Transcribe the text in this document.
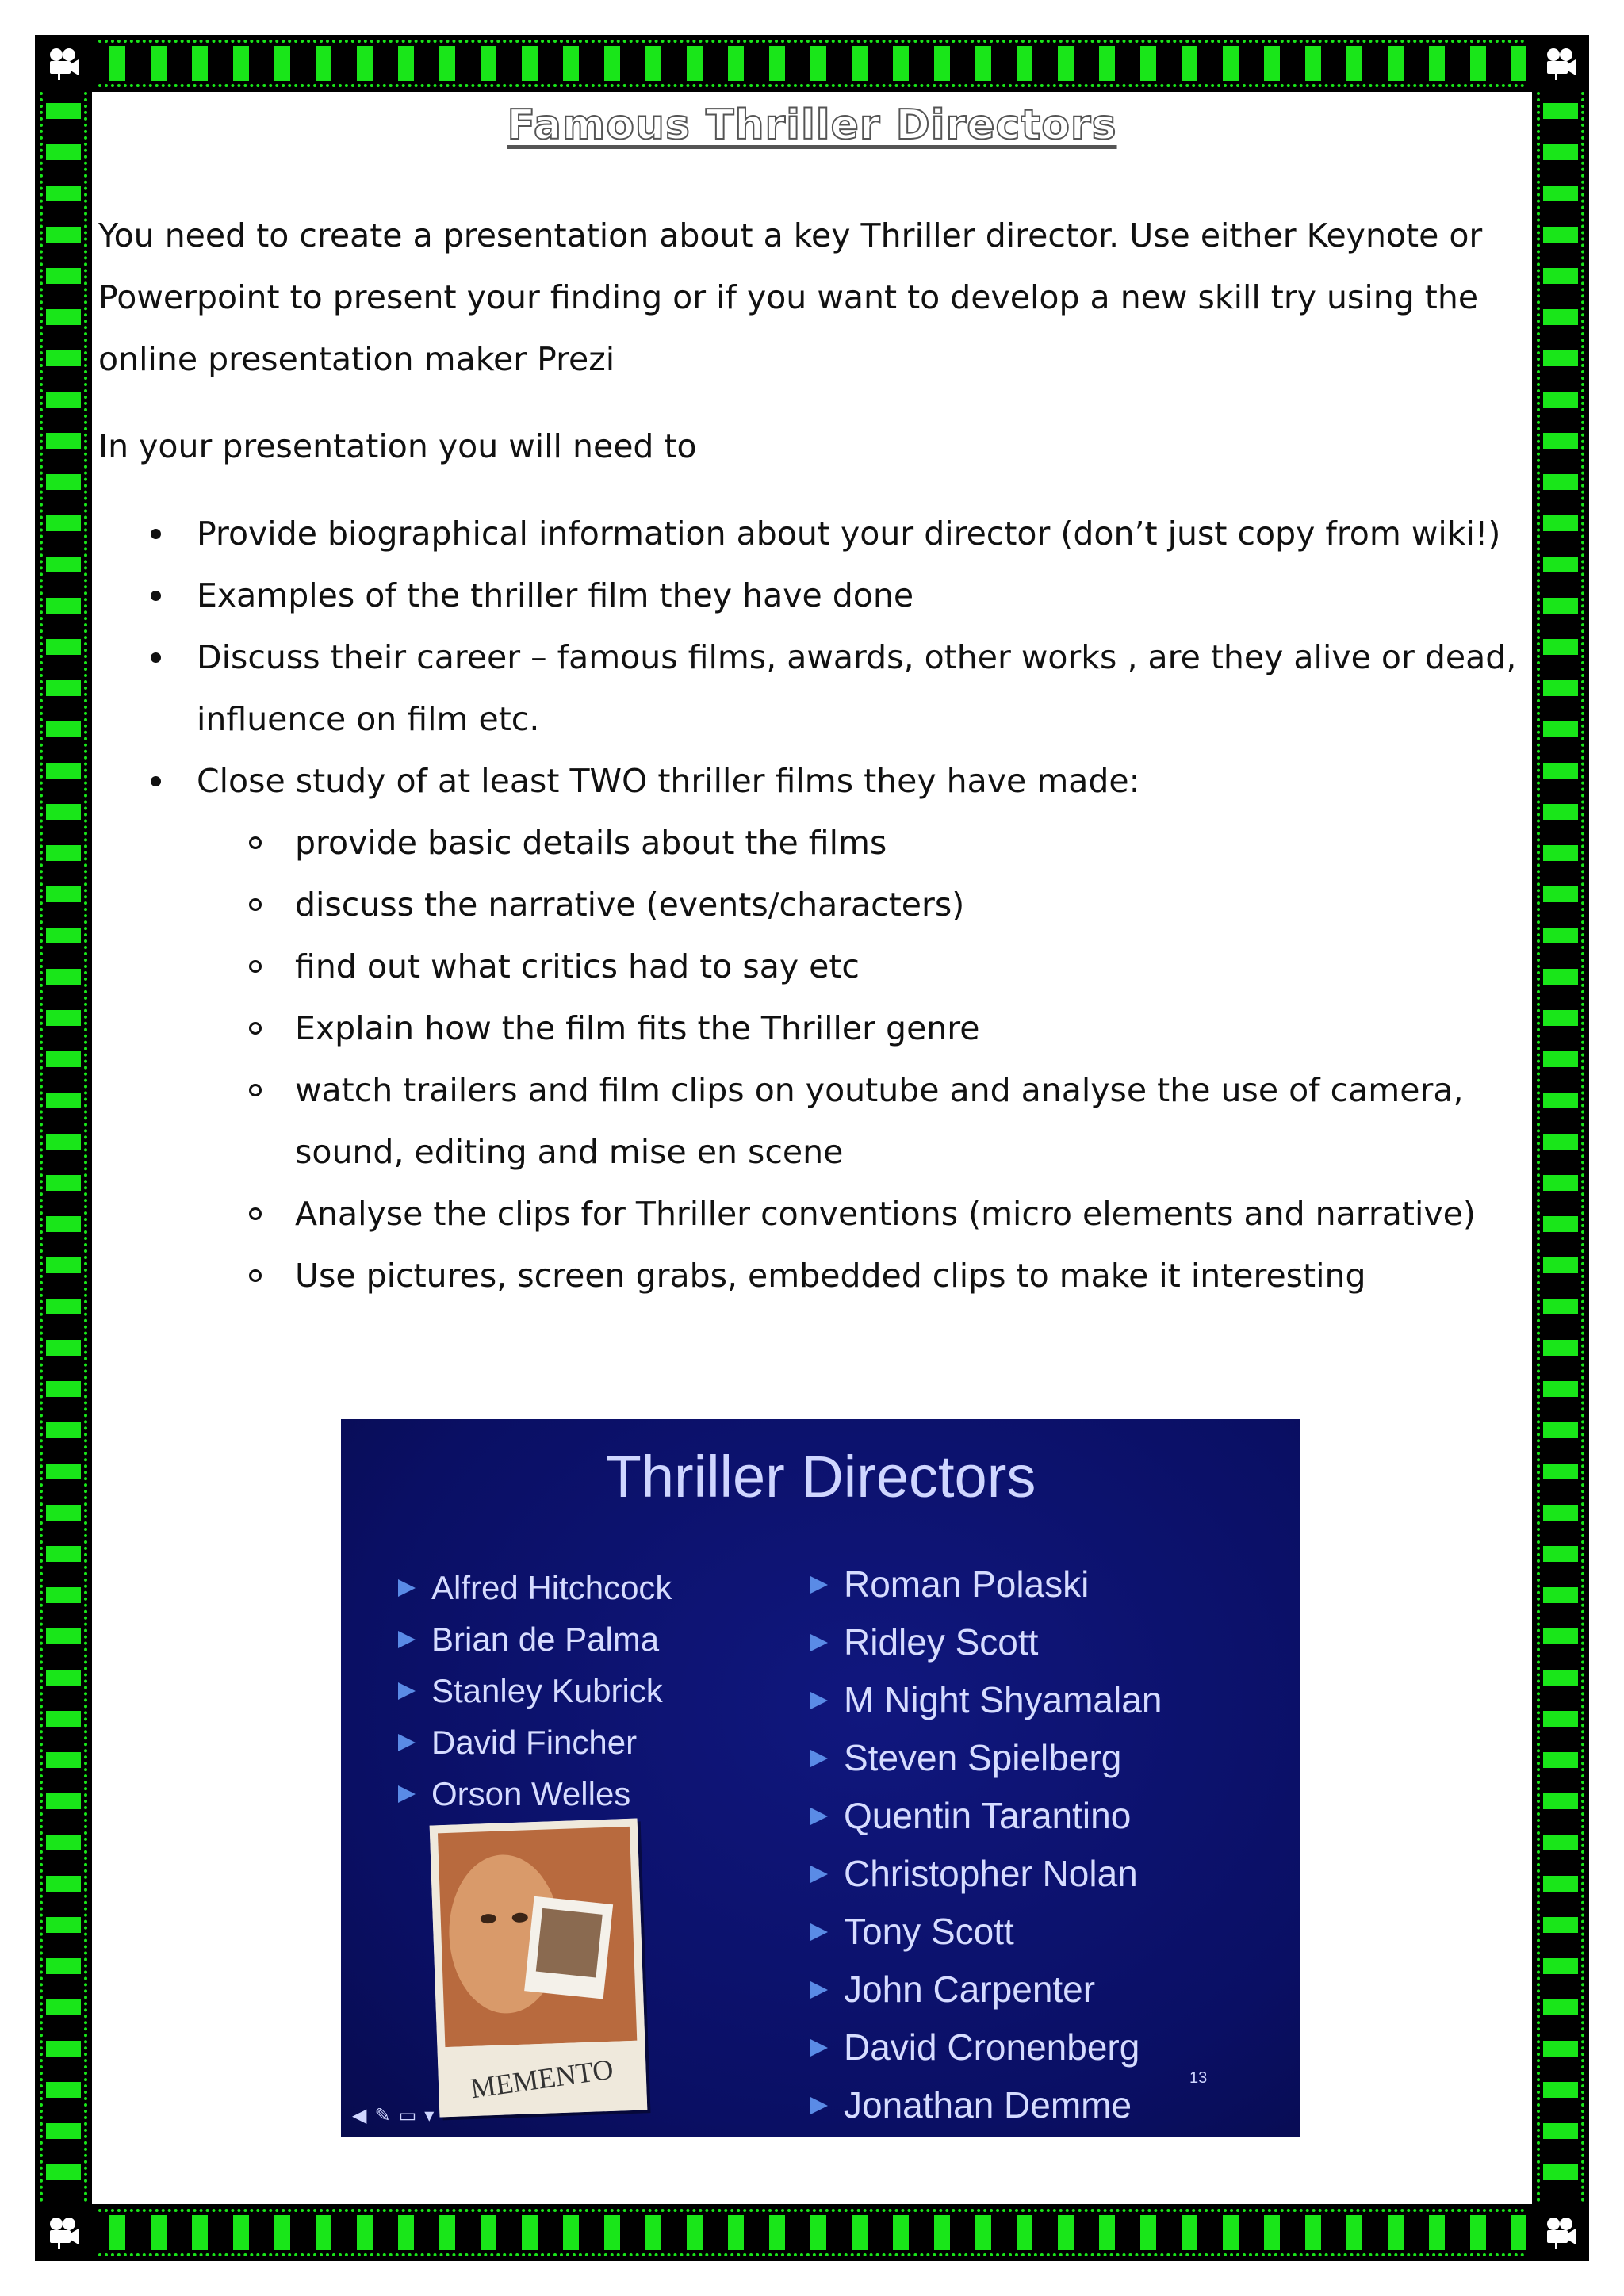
Famous Thriller Directors

You need to create a presentation about a key Thriller director. Use either Keynote or Powerpoint to present your finding or if you want to develop a new skill try using the online presentation maker Prezi

In your presentation you will need to

Provide biographical information about your director (don’t just copy from wiki!)
Examples of the thriller film they have done
Discuss their career – famous films, awards, other works , are they alive or dead, influence on film etc.
Close study of at least TWO thriller films they have made:
provide basic details about the films
discuss the narrative (events/characters)
find out what critics had to say etc
Explain how the film fits the Thriller genre
watch trailers and film clips on youtube and analyse the use of camera, sound, editing and mise en scene
Analyse the clips for Thriller conventions (micro elements and narrative)
Use pictures, screen grabs, embedded clips to make it interesting
Thriller Directors
Alfred Hitchcock
Brian de Palma
Stanley Kubrick
David Fincher
Orson Welles
Roman Polaski
Ridley Scott
M Night Shyamalan
Steven Spielberg
Quentin Tarantino
Christopher Nolan
Tony Scott
John Carpenter
David Cronenberg
Jonathan Demme
MEMENTO
◀ ✎ ▭ ▾
13
